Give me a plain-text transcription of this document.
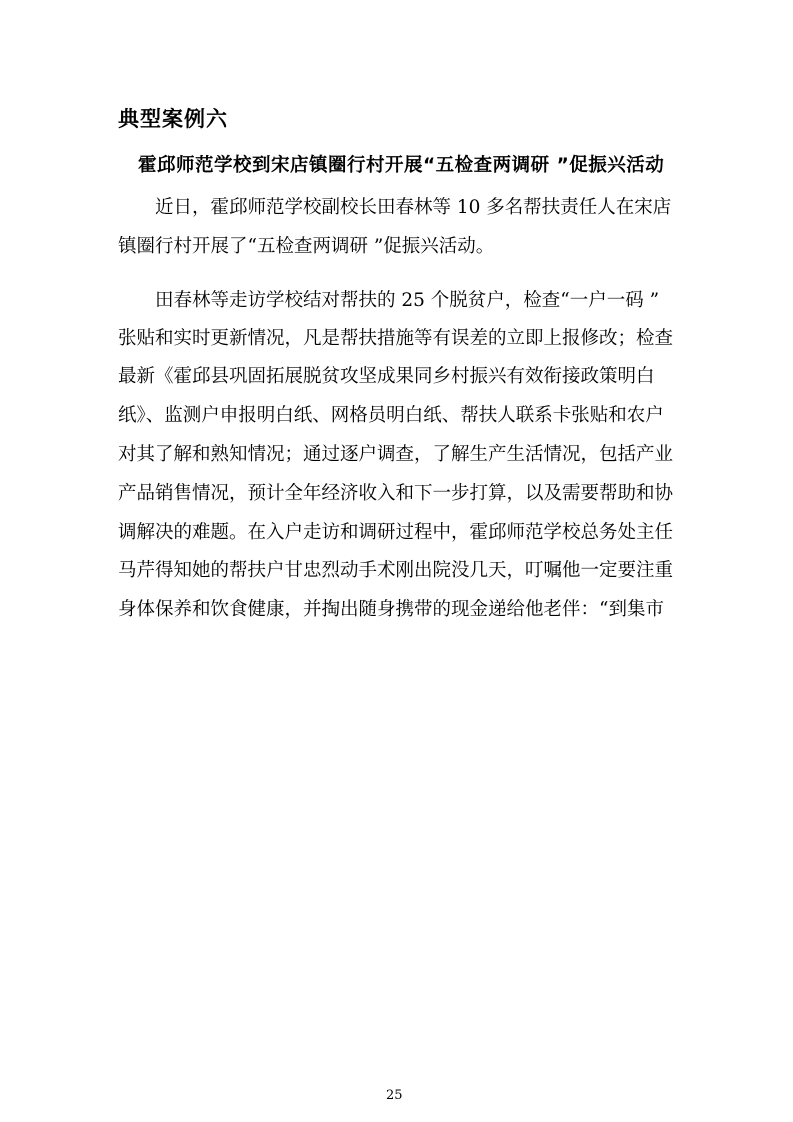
典型案例六
霍邱师范学校到宋店镇圈行村开展“五检查两调研 ”促振兴活动
近日，霍邱师范学校副校长田春林等 10 多名帮扶责任人在宋店
镇圈行村开展了“五检查两调研 ”促振兴活动。
田春林等走访学校结对帮扶的 25 个脱贫户，检查“一户一码 ”
张贴和实时更新情况，凡是帮扶措施等有误差的立即上报修改；检查
最新《霍邱县巩固拓展脱贫攻坚成果同乡村振兴有效衔接政策明白
纸》、监测户申报明白纸、网格员明白纸、帮扶人联系卡张贴和农户
对其了解和熟知情况；通过逐户调查，了解生产生活情况，包括产业
产品销售情况，预计全年经济收入和下一步打算，以及需要帮助和协
调解决的难题。在入户走访和调研过程中，霍邱师范学校总务处主任
马芹得知她的帮扶户甘忠烈动手术刚出院没几天，叮嘱他一定要注重
身体保养和饮食健康，并掏出随身携带的现金递给他老伴：“到集市
25
